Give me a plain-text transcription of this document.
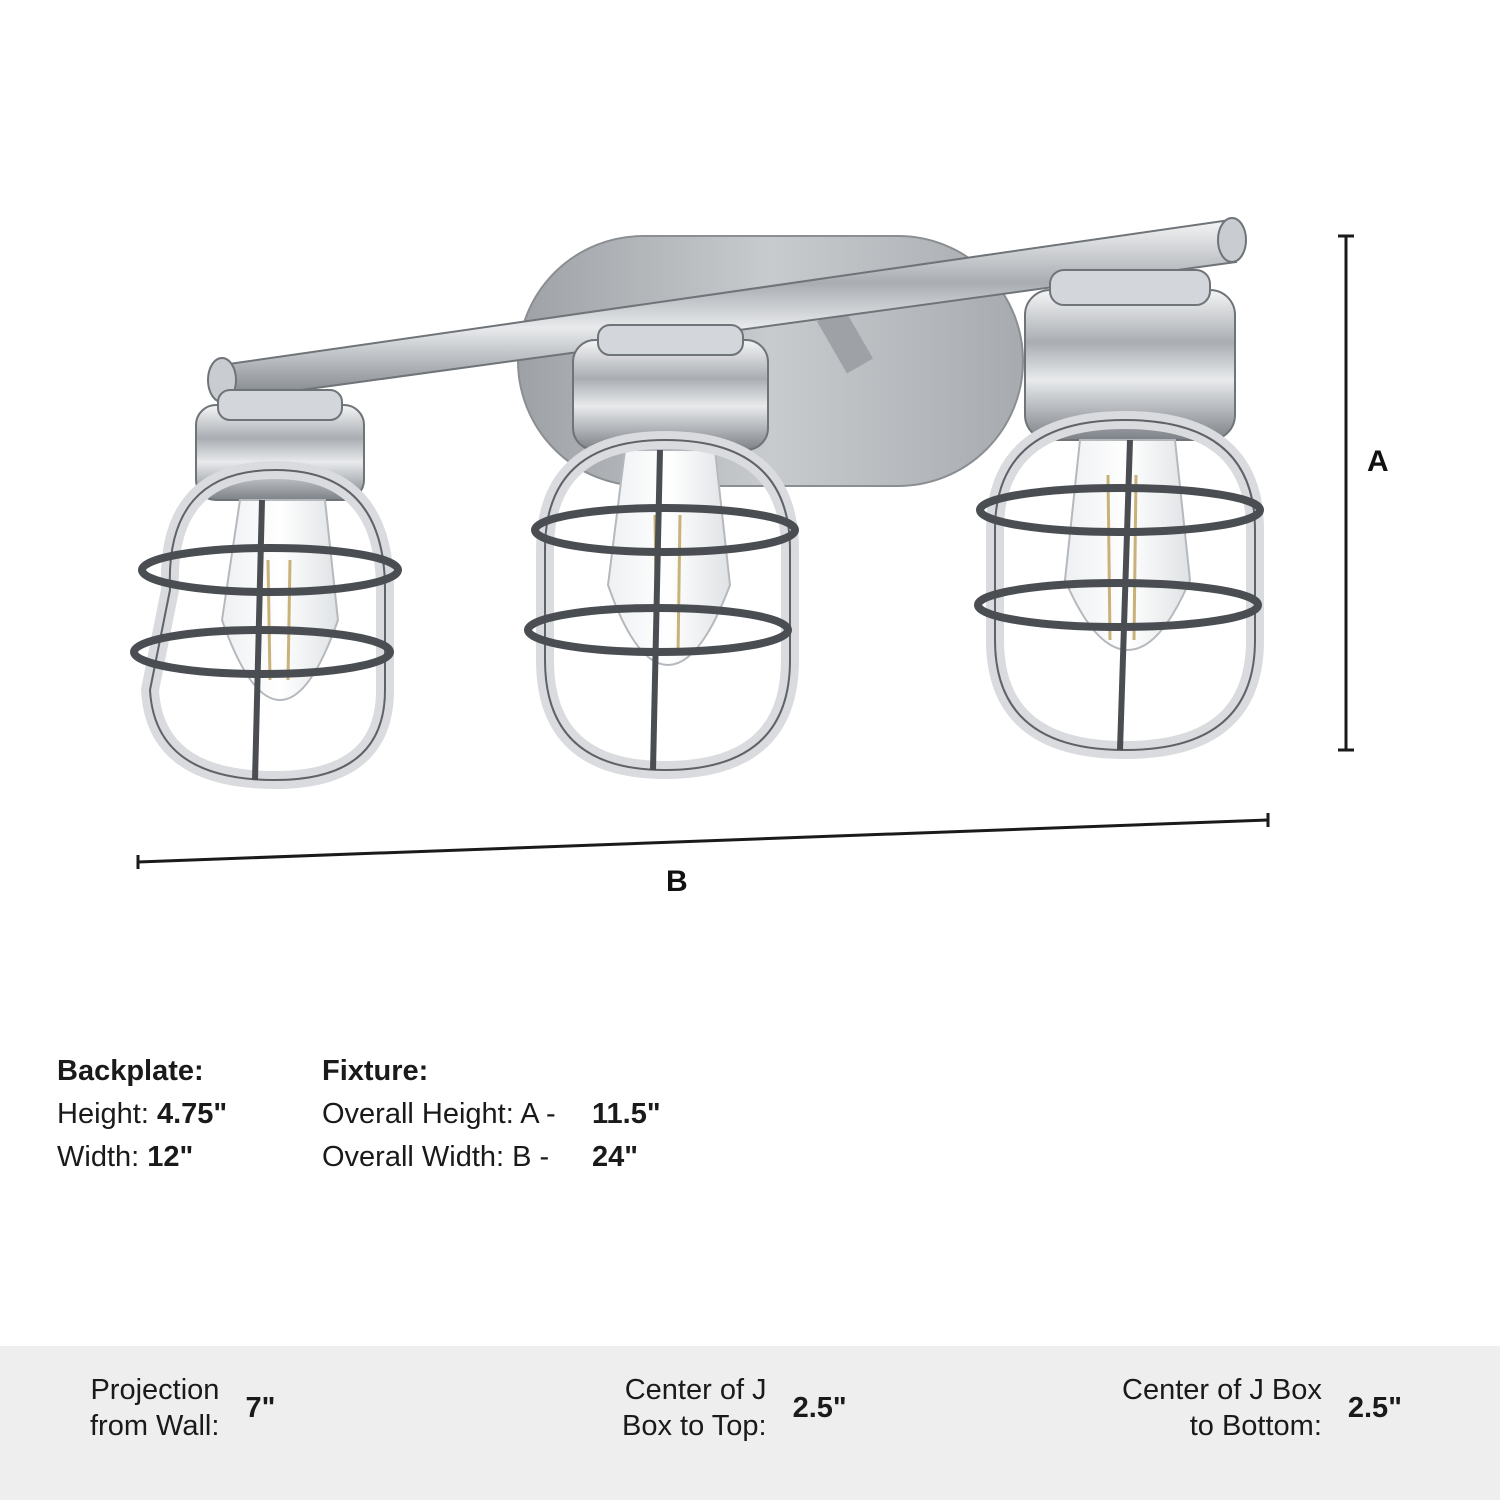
A
B
Backplate:
Height: 4.75"
Width: 12"
Fixture:
Overall Height: A - 11.5"
Overall Width: B - 24"
Projection
from Wall:
7"
Center of J
Box to Top:
2.5"
Center of J Box
to Bottom:
2.5"
